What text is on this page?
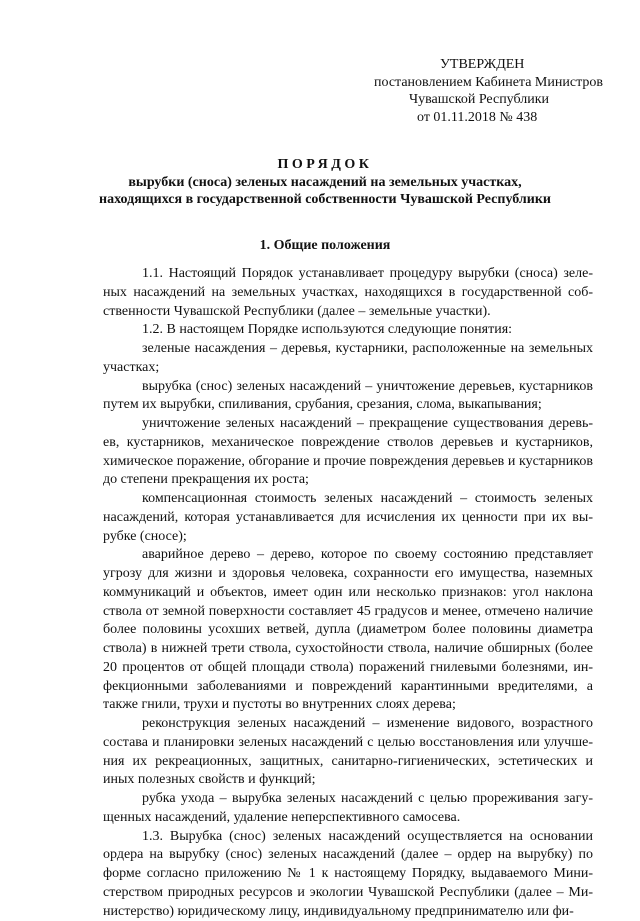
УТВЕРЖДЕН
постановлением Кабинета Министров
Чувашской Республики
от 01.11.2018 № 438
ПОРЯДОК
вырубки (сноса) зеленых насаждений на земельных участках,
находящихся в государственной собственности Чувашской Республики
1. Общие положения

1.1. Настоящий Порядок устанавливает процедуру вырубки (сноса) зеленых насаждений на земельных участках, находящихся в государственной собственности Чувашской Республики (далее – земельные участки).

1.2. В настоящем Порядке используются следующие понятия:

зеленые насаждения – деревья, кустарники, расположенные на земельных участках;

вырубка (снос) зеленых насаждений – уничтожение деревьев, кустарников путем их вырубки, спиливания, срубания, срезания, слома, выкапывания;

уничтожение зеленых насаждений – прекращение существования деревьев, кустарников, механическое повреждение стволов деревьев и кустарников, химическое поражение, обгорание и прочие повреждения деревьев и кустарников до степени прекращения их роста;

компенсационная стоимость зеленых насаждений – стоимость зеленых насаждений, которая устанавливается для исчисления их ценности при их вырубке (сносе);

аварийное дерево – дерево, которое по своему состоянию представляет угрозу для жизни и здоровья человека, сохранности его имущества, наземных коммуникаций и объектов, имеет один или несколько признаков: угол наклона ствола от земной поверхности составляет 45 градусов и менее, отмечено наличие более половины усохших ветвей, дупла (диаметром более половины диаметра ствола) в нижней трети ствола, сухостойности ствола, наличие обширных (более 20 процентов от общей площади ствола) поражений гнилевыми болезнями, инфекционными заболеваниями и повреждений карантинными вредителями, а также гнили, трухи и пустоты во внутренних слоях дерева;

реконструкция зеленых насаждений – изменение видового, возрастного состава и планировки зеленых насаждений с целью восстановления или улучшения их рекреационных, защитных, санитарно-гигиенических, эстетических и иных полезных свойств и функций;

рубка ухода – вырубка зеленых насаждений с целью прореживания загущенных насаждений, удаление неперспективного самосева.

1.3. Вырубка (снос) зеленых насаждений осуществляется на основании ордера на вырубку (снос) зеленых насаждений (далее – ордер на вырубку) по форме согласно приложению № 1 к настоящему Порядку, выдаваемого Министерством природных ресурсов и экологии Чувашской Республики (далее – Министерство) юридическому лицу, индивидуальному предпринимателю или фи-
